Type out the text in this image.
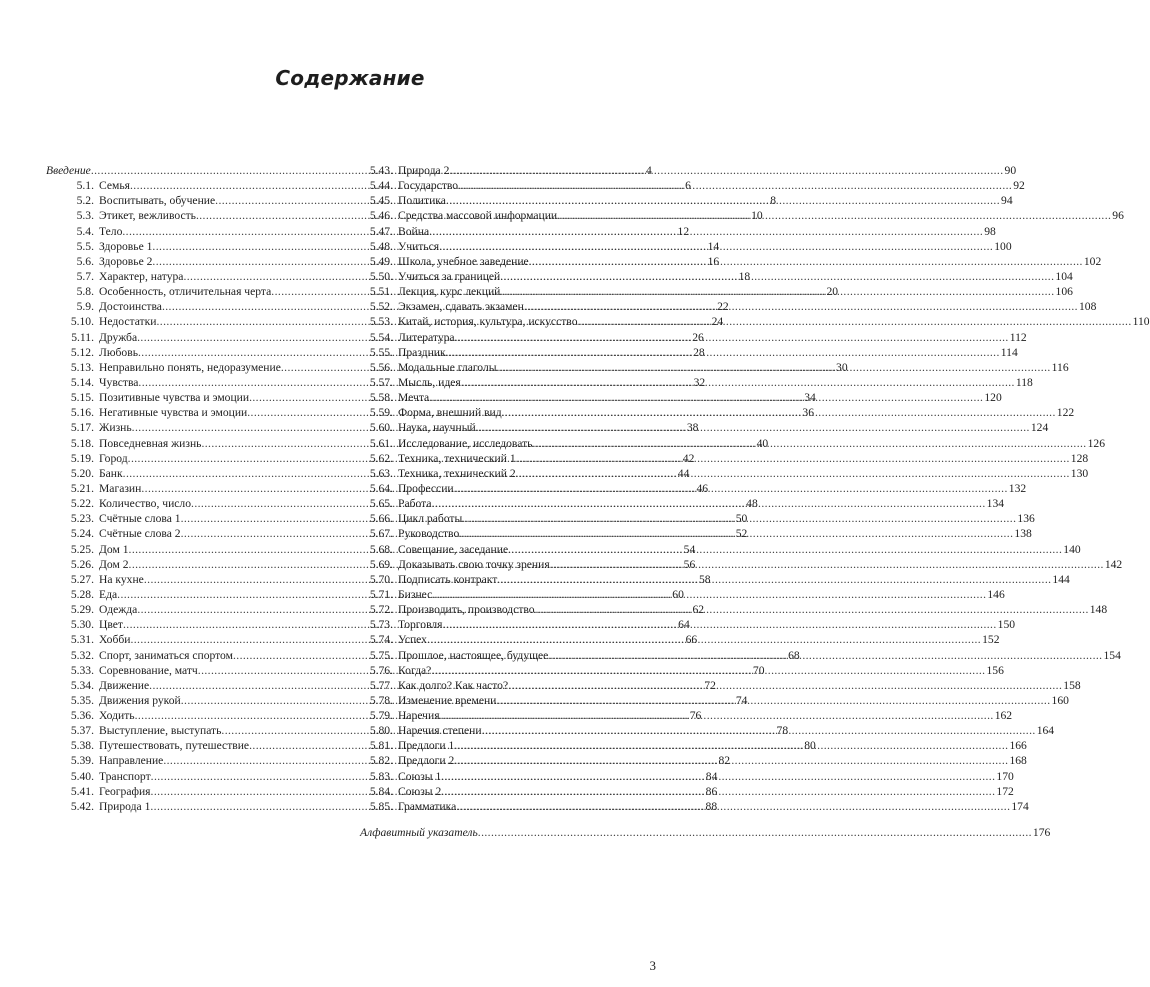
Содержание
Введение .....	4
5.1. Семья .....	6
5.2. Воспитывать, обучение .....	8
5.3. Этикет, вежливость .....	10
5.4. Тело .....	12
5.5. Здоровье 1 .....	14
5.6. Здоровье 2 .....	16
5.7. Характер, натура .....	18
5.8. Особенность, отличительная черта .....	20
5.9. Достоинства .....	22
5.10. Недостатки .....	24
5.11. Дружба .....	26
5.12. Любовь .....	28
5.13. Неправильно понять, недоразумение .....	30
5.14. Чувства .....	32
5.15. Позитивные чувства и эмоции .....	34
5.16. Негативные чувства и эмоции .....	36
5.17. Жизнь .....	38
5.18. Повседневная жизнь .....	40
5.19. Город .....	42
5.20. Банк .....	44
5.21. Магазин .....	46
5.22. Количество, число .....	48
5.23. Счётные слова 1 .....	50
5.24. Счётные слова 2 .....	52
5.25. Дом 1 .....	54
5.26. Дом 2 .....	56
5.27. На кухне .....	58
5.28. Еда .....	60
5.29. Одежда .....	62
5.30. Цвет .....	64
5.31. Хобби .....	66
5.32. Спорт, заниматься спортом .....	68
5.33. Соревнование, матч .....	70
5.34. Движение .....	72
5.35. Движения рукой .....	74
5.36. Ходить .....	76
5.37. Выступление, выступать .....	78
5.38. Путешествовать, путешествие .....	80
5.39. Направление .....	82
5.40. Транспорт .....	84
5.41. География .....	86
5.42. Природа 1 .....	88
5.43. Природа 2 .....	90
5.44. Государство .....	92
5.45. Политика .....	94
5.46. Средства массовой информации .....	96
5.47. Война .....	98
5.48. Учиться .....	100
5.49. Школа, учебное заведение .....	102
5.50. Учиться за границей .....	104
5.51. Лекция, курс лекций .....	106
5.52. Экзамен, сдавать экзамен .....	108
5.53. Китай, история, культура, искусство .....	110
5.54. Литература .....	112
5.55. Праздник .....	114
5.56. Модальные глаголы .....	116
5.57. Мысль, идея .....	118
5.58. Мечта .....	120
5.59. Форма, внешний вид .....	122
5.60. Наука, научный .....	124
5.61. Исследование, исследовать .....	126
5.62. Техника, технический 1 .....	128
5.63. Техника, технический 2 .....	130
5.64. Профессии .....	132
5.65. Работа .....	134
5.66. Цикл работы .....	136
5.67. Руководство .....	138
5.68. Совещание, заседание .....	140
5.69. Доказывать свою точку зрения .....	142
5.70. Подписать контракт .....	144
5.71. Бизнес .....	146
5.72. Производить, производство .....	148
5.73. Торговля .....	150
5.74. Успех .....	152
5.75. Прошлое, настоящее, будущее .....	154
5.76. Когда? .....	156
5.77. Как долго? Как часто? .....	158
5.78. Изменение времени .....	160
5.79. Наречия .....	162
5.80. Наречия степени .....	164
5.81. Предлоги 1 .....	166
5.82. Предлоги 2 .....	168
5.83. Союзы 1 .....	170
5.84. Союзы 2 .....	172
5.85. Грамматика .....	174
Алфавитный указатель .....	176
3
